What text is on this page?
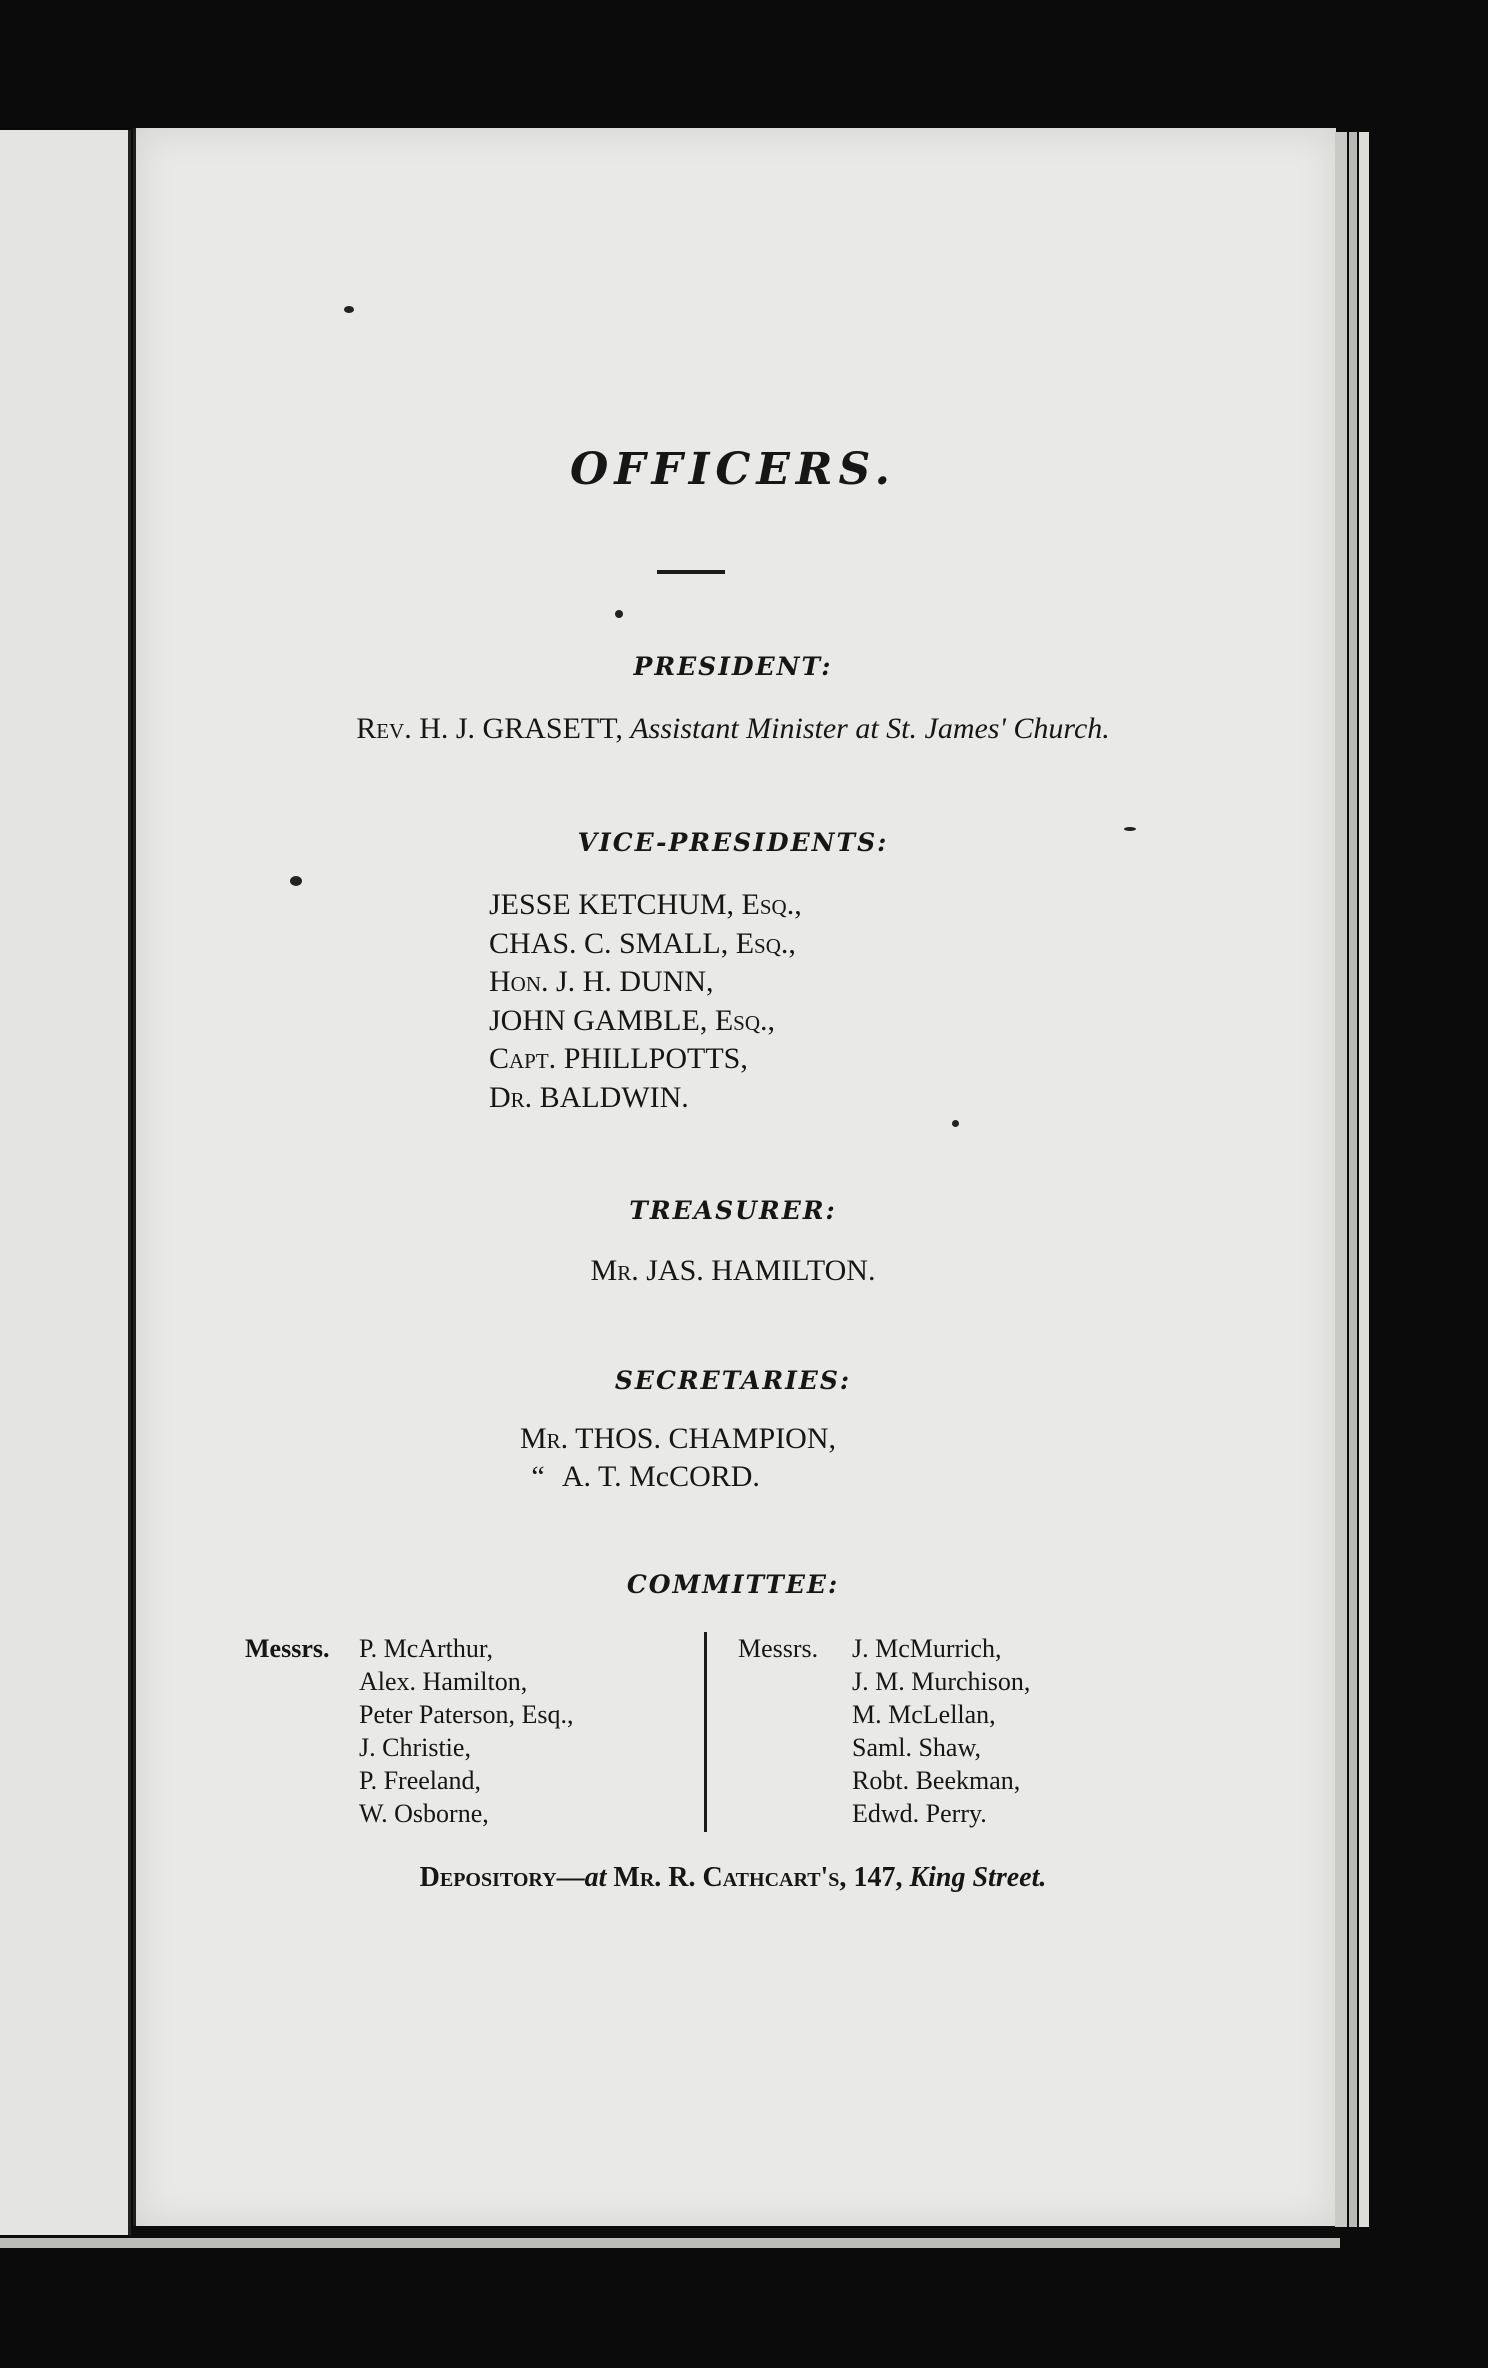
OFFICERS.
PRESIDENT:
Rev. H. J. GRASETT, Assistant Minister at St. James' Church.
VICE-PRESIDENTS:
JESSE KETCHUM, Esq.,
CHAS. C. SMALL, Esq.,
Hon. J. H. DUNN,
JOHN GAMBLE, Esq.,
Capt. PHILLPOTTS,
Dr. BALDWIN.
TREASURER:
Mr. JAS. HAMILTON.
SECRETARIES:
Mr. THOS. CHAMPION,
“ A. T. McCORD.
COMMITTEE:
Messrs.	P. McArthur,
Alex. Hamilton,
Peter Paterson, Esq.,
J. Christie,
P. Freeland,
W. Osborne,
Messrs.	J. McMurrich,
J. M. Murchison,
M. McLellan,
Saml. Shaw,
Robt. Beekman,
Edwd. Perry.
Depository—at Mr. R. Cathcart's, 147, King Street.
